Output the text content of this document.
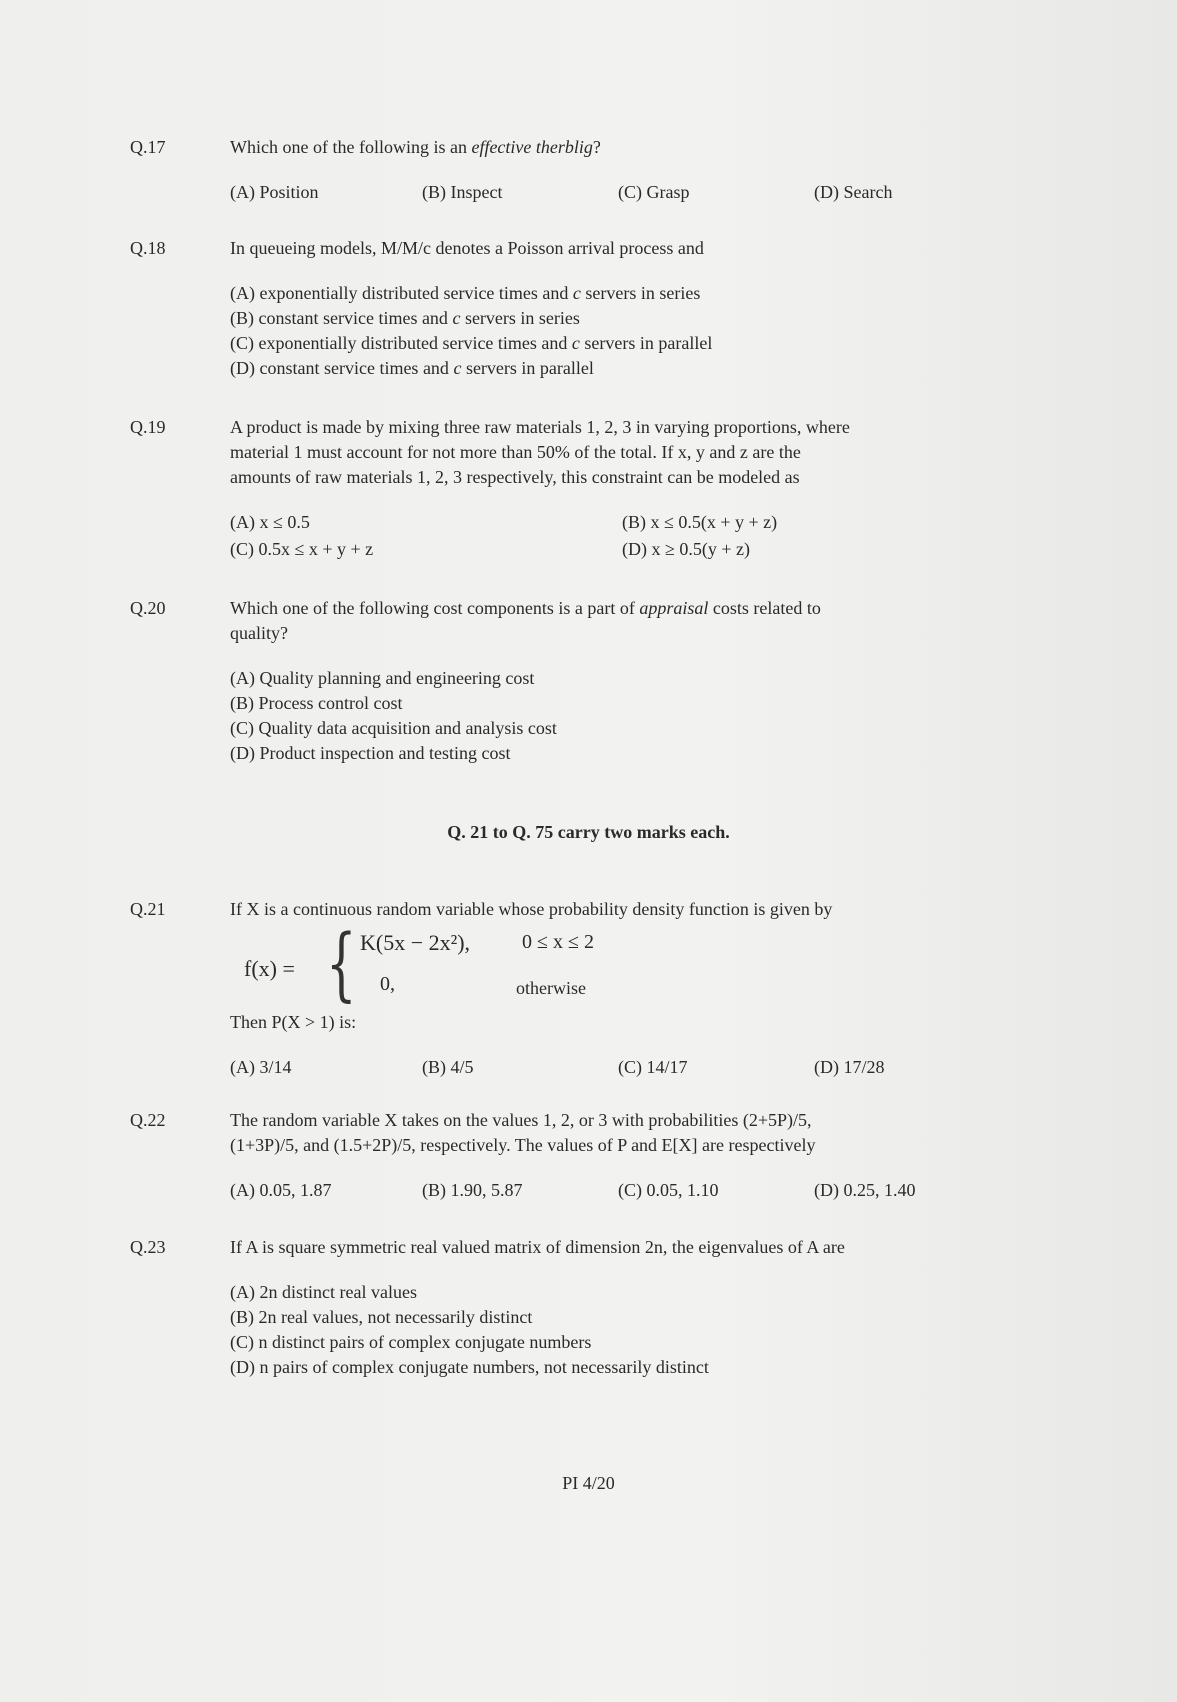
Q.17	Which one of the following is an effective therblig?

(A) Position	(B) Inspect	(C) Grasp	(D) Search
Q.18	In queueing models, M/M/c denotes a Poisson arrival process and

(A) exponentially distributed service times and c servers in series
(B) constant service times and c servers in series
(C) exponentially distributed service times and c servers in parallel
(D) constant service times and c servers in parallel
Q.19	A product is made by mixing three raw materials 1, 2, 3 in varying proportions, where
material 1 must account for not more than 50% of the total. If x, y and z are the
amounts of raw materials 1, 2, 3 respectively, this constraint can be modeled as

(A) x ≤ 0.5	(B) x ≤ 0.5(x + y + z)
(C) 0.5x ≤ x + y + z	(D) x ≥ 0.5(y + z)
Q.20	Which one of the following cost components is a part of appraisal costs related to
quality?

(A) Quality planning and engineering cost
(B) Process control cost
(C) Quality data acquisition and analysis cost
(D) Product inspection and testing cost
Q. 21 to Q. 75 carry two marks each.
Q.21	If X is a continuous random variable whose probability density function is given by

f(x) = { K(5x − 2x²),	0 ≤ x ≤ 2
0,	otherwise

Then P(X > 1) is:

(A) 3/14	(B) 4/5	(C) 14/17	(D) 17/28
Q.22	The random variable X takes on the values 1, 2, or 3 with probabilities (2+5P)/5,
(1+3P)/5, and (1.5+2P)/5, respectively. The values of P and E[X] are respectively

(A) 0.05, 1.87	(B) 1.90, 5.87	(C) 0.05, 1.10	(D) 0.25, 1.40
Q.23	If A is square symmetric real valued matrix of dimension 2n, the eigenvalues of A are

(A) 2n distinct real values
(B) 2n real values, not necessarily distinct
(C) n distinct pairs of complex conjugate numbers
(D) n pairs of complex conjugate numbers, not necessarily distinct
PI 4/20
